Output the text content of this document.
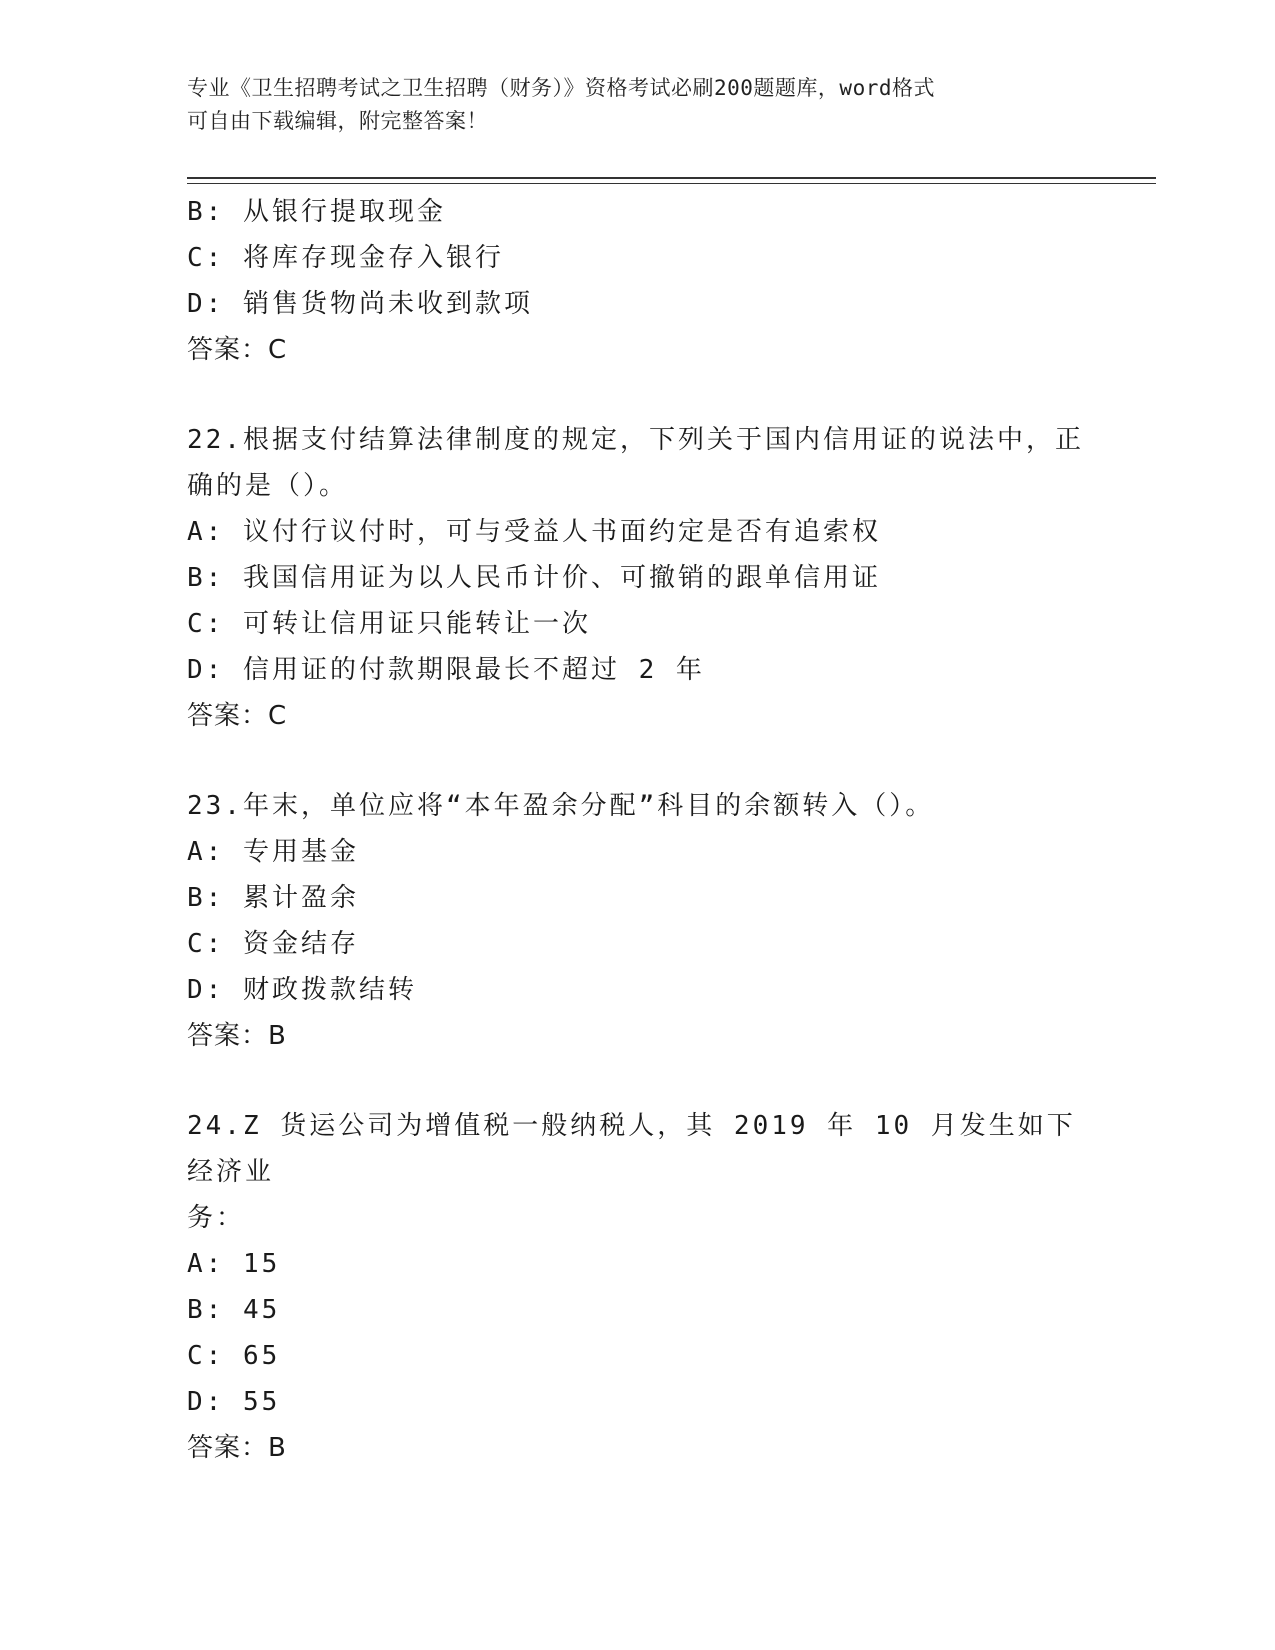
专业《卫生招聘考试之卫生招聘（财务）》资格考试必刷200题题库，word格式
可自由下载编辑，附完整答案！
B: 从银行提取现金
C: 将库存现金存入银行
D: 销售货物尚未收到款项
答案：C
22.根据支付结算法律制度的规定，下列关于国内信用证的说法中，正
确的是（）。
A: 议付行议付时，可与受益人书面约定是否有追索权
B: 我国信用证为以人民币计价、可撤销的跟单信用证
C: 可转让信用证只能转让一次
D: 信用证的付款期限最长不超过 2 年
答案：C
23.年末，单位应将“本年盈余分配”科目的余额转入（）。
A: 专用基金
B: 累计盈余
C: 资金结存
D: 财政拨款结转
答案：B
24.Z 货运公司为增值税一般纳税人，其 2019 年 10 月发生如下经济业
务：
A: 15
B: 45
C: 65
D: 55
答案：B
